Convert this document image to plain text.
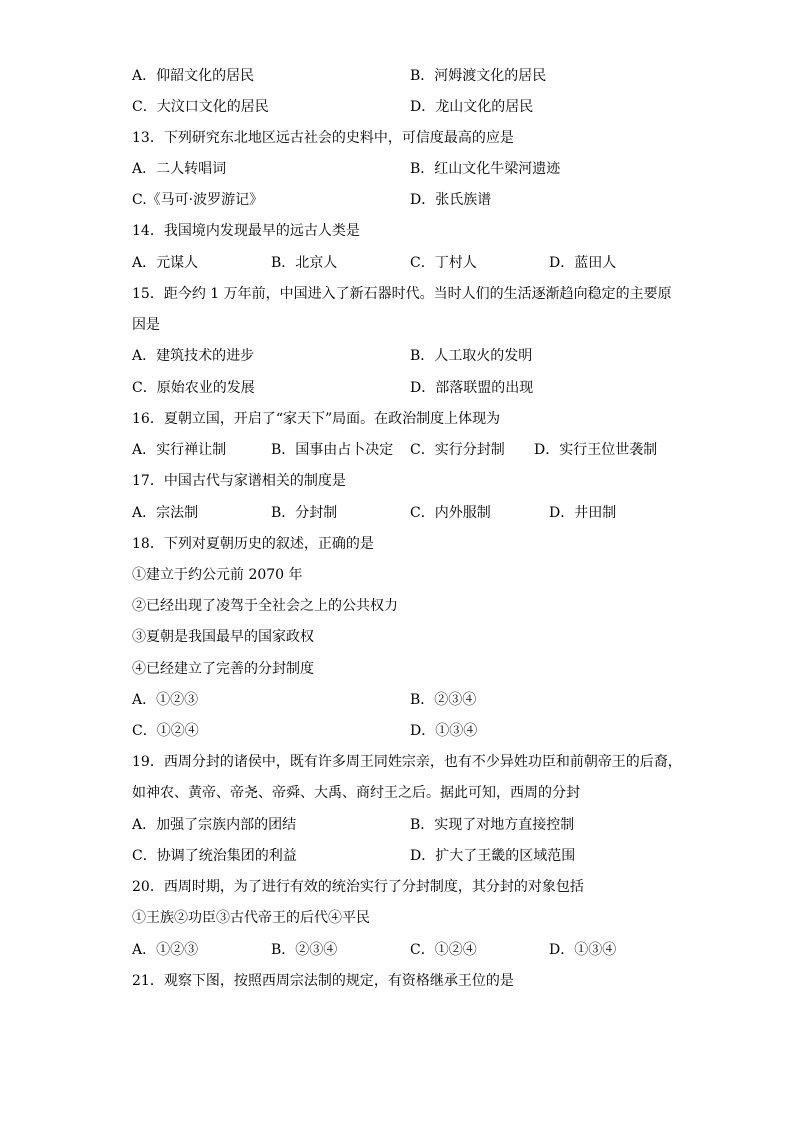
A．仰韶文化的居民	B．河姆渡文化的居民
C．大汶口文化的居民	D．龙山文化的居民
13．下列研究东北地区远古社会的史料中，可信度最高的应是
A．二人转唱词	B．红山文化牛梁河遗迹
C.《马可·波罗游记》	D．张氏族谱
14．我国境内发现最早的远古人类是
A．元谋人	B．北京人	C．丁村人	D．蓝田人
15．距今约 1 万年前，中国进入了新石器时代。当时人们的生活逐渐趋向稳定的主要原
因是
A．建筑技术的进步	B．人工取火的发明
C．原始农业的发展	D．部落联盟的出现
16．夏朝立国，开启了“家天下”局面。在政治制度上体现为
A．实行禅让制	B．国事由占卜决定 C．实行分封制 D．实行王位世袭制
17．中国古代与家谱相关的制度是
A．宗法制	B．分封制	C．内外服制	D．井田制
18．下列对夏朝历史的叙述，正确的是
①建立于约公元前 2070 年
②已经出现了凌驾于全社会之上的公共权力
③夏朝是我国最早的国家政权
④已经建立了完善的分封制度
A．①②③	B．②③④
C．①②④	D．①③④
19．西周分封的诸侯中，既有许多周王同姓宗亲，也有不少异姓功臣和前朝帝王的后裔，
如神农、黄帝、帝尧、帝舜、大禹、商纣王之后。据此可知，西周的分封
A．加强了宗族内部的团结	B．实现了对地方直接控制
C．协调了统治集团的利益	D．扩大了王畿的区域范围
20．西周时期，为了进行有效的统治实行了分封制度，其分封的对象包括
①王族②功臣③古代帝王的后代④平民
A．①②③	B．②③④	C．①②④	D．①③④
21．观察下图，按照西周宗法制的规定，有资格继承王位的是
